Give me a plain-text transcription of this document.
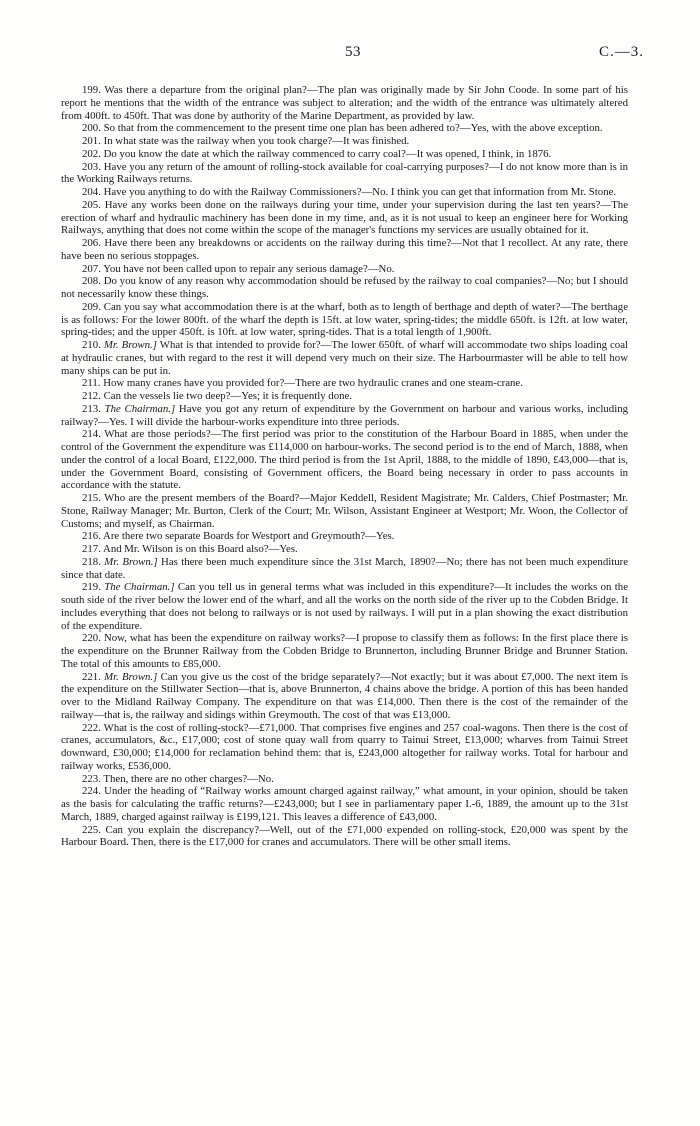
53	C.—3.

199. Was there a departure from the original plan?—The plan was originally made by Sir John Coode. In some part of his report he mentions that the width of the entrance was subject to alteration; and the width of the entrance was ultimately altered from 400ft. to 450ft. That was done by authority of the Marine Department, as provided by law.

200. So that from the commencement to the present time one plan has been adhered to?—Yes, with the above exception.

201. In what state was the railway when you took charge?—It was finished.

202. Do you know the date at which the railway commenced to carry coal?—It was opened, I think, in 1876.

203. Have you any return of the amount of rolling-stock available for coal-carrying purposes?—I do not know more than is in the Working Railways returns.

204. Have you anything to do with the Railway Commissioners?—No. I think you can get that information from Mr. Stone.

205. Have any works been done on the railways during your time, under your supervision during the last ten years?—The erection of wharf and hydraulic machinery has been done in my time, and, as it is not usual to keep an engineer here for Working Railways, anything that does not come within the scope of the manager's functions my services are usually obtained for it.

206. Have there been any breakdowns or accidents on the railway during this time?—Not that I recollect. At any rate, there have been no serious stoppages.

207. You have not been called upon to repair any serious damage?—No.

208. Do you know of any reason why accommodation should be refused by the railway to coal companies?—No; but I should not necessarily know these things.

209. Can you say what accommodation there is at the wharf, both as to length of berthage and depth of water?—The berthage is as follows: For the lower 800ft. of the wharf the depth is 15ft. at low water, spring-tides; the middle 650ft. is 12ft. at low water, spring-tides; and the upper 450ft. is 10ft. at low water, spring-tides. That is a total length of 1,900ft.

210. Mr. Brown.] What is that intended to provide for?—The lower 650ft. of wharf will accommodate two ships loading coal at hydraulic cranes, but with regard to the rest it will depend very much on their size. The Harbourmaster will be able to tell how many ships can be put in.

211. How many cranes have you provided for?—There are two hydraulic cranes and one steam-crane.

212. Can the vessels lie two deep?—Yes; it is frequently done.

213. The Chairman.] Have you got any return of expenditure by the Government on harbour and various works, including railway?—Yes. I will divide the harbour-works expenditure into three periods.

214. What are those periods?—The first period was prior to the constitution of the Harbour Board in 1885, when under the control of the Government the expenditure was £114,000 on harbour-works. The second period is to the end of March, 1888, when under the control of a local Board, £122,000. The third period is from the 1st April, 1888, to the middle of 1890, £43,000—that is, under the Government Board, consisting of Government officers, the Board being necessary in order to pass accounts in accordance with the statute.

215. Who are the present members of the Board?—Major Keddell, Resident Magistrate; Mr. Calders, Chief Postmaster; Mr. Stone, Railway Manager; Mr. Burton, Clerk of the Court; Mr. Wilson, Assistant Engineer at Westport; Mr. Woon, the Collector of Customs; and myself, as Chairman.

216. Are there two separate Boards for Westport and Greymouth?—Yes.

217. And Mr. Wilson is on this Board also?—Yes.

218. Mr. Brown.] Has there been much expenditure since the 31st March, 1890?—No; there has not been much expenditure since that date.

219. The Chairman.] Can you tell us in general terms what was included in this expenditure?—It includes the works on the south side of the river below the lower end of the wharf, and all the works on the north side of the river up to the Cobden Bridge. It includes everything that does not belong to railways or is not used by railways. I will put in a plan showing the exact distribution of the expenditure.

220. Now, what has been the expenditure on railway works?—I propose to classify them as follows: In the first place there is the expenditure on the Brunner Railway from the Cobden Bridge to Brunnerton, including Brunner Bridge and Brunner Station. The total of this amounts to £85,000.

221. Mr. Brown.] Can you give us the cost of the bridge separately?—Not exactly; but it was about £7,000. The next item is the expenditure on the Stillwater Section—that is, above Brunnerton, 4 chains above the bridge. A portion of this has been handed over to the Midland Railway Company. The expenditure on that was £14,000. Then there is the cost of the remainder of the railway—that is, the railway and sidings within Greymouth. The cost of that was £13,000.

222. What is the cost of rolling-stock?—£71,000. That comprises five engines and 257 coal-wagons. Then there is the cost of cranes, accumulators, &c., £17,000; cost of stone quay wall from quarry to Tainui Street, £13,000; wharves from Tainui Street downward, £30,000; £14,000 for reclamation behind them: that is, £243,000 altogether for railway works. Total for harbour and railway works, £536,000.

223. Then, there are no other charges?—No.

224. Under the heading of “Railway works amount charged against railway,” what amount, in your opinion, should be taken as the basis for calculating the traffic returns?—£243,000; but I see in parliamentary paper I.-6, 1889, the amount up to the 31st March, 1889, charged against railway is £199,121. This leaves a difference of £43,000.

225. Can you explain the discrepancy?—Well, out of the £71,000 expended on rolling-stock, £20,000 was spent by the Harbour Board. Then, there is the £17,000 for cranes and accumulators. There will be other small items.
